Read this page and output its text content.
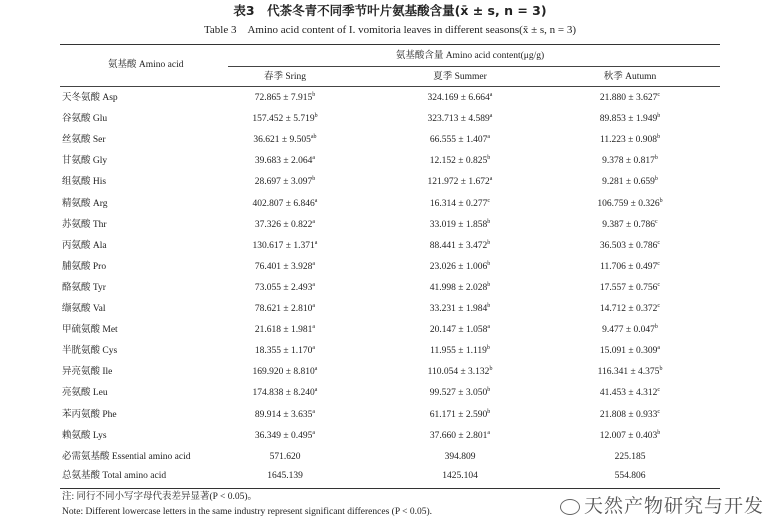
表3　代茶冬青不同季节叶片氨基酸含量(x̄ ± s, n = 3)
Table 3　Amino acid content of I. vomitoria leaves in different seasons(x̄ ± s, n = 3)
氨基酸 Amino acid
氨基酸含量 Amino acid content(μg/g)
春季 Sring	夏季 Summer	秋季 Autumn
天冬氨酸 Asp	72.865 ± 7.915$^b$	324.169 ± 6.664$^a$	21.880 ± 3.627$^c$
谷氨酸 Glu	157.452 ± 5.719$^b$	323.713 ± 4.589$^a$	89.853 ± 1.949$^b$
丝氨酸 Ser	36.621 ± 9.505$^{ab}$	66.555 ± 1.407$^a$	11.223 ± 0.908$^b$
甘氨酸 Gly	39.683 ± 2.064$^a$	12.152 ± 0.825$^b$	9.378 ± 0.817$^b$
组氨酸 His	28.697 ± 3.097$^b$	121.972 ± 1.672$^a$	9.281 ± 0.659$^b$
精氨酸 Arg	402.807 ± 6.846$^a$	16.314 ± 0.277$^c$	106.759 ± 0.326$^b$
苏氨酸 Thr	37.326 ± 0.822$^a$	33.019 ± 1.858$^b$	9.387 ± 0.786$^c$
丙氨酸 Ala	130.617 ± 1.371$^a$	88.441 ± 3.472$^b$	36.503 ± 0.786$^c$
脯氨酸 Pro	76.401 ± 3.928$^a$	23.026 ± 1.006$^b$	11.706 ± 0.497$^c$
酪氨酸 Tyr	73.055 ± 2.493$^a$	41.998 ± 2.028$^b$	17.557 ± 0.756$^c$
缬氨酸 Val	78.621 ± 2.810$^a$	33.231 ± 1.984$^b$	14.712 ± 0.372$^c$
甲硫氨酸 Met	21.618 ± 1.981$^a$	20.147 ± 1.058$^a$	9.477 ± 0.047$^b$
半胱氨酸 Cys	18.355 ± 1.170$^a$	11.955 ± 1.119$^b$	15.091 ± 0.309$^a$
异亮氨酸 Ile	169.920 ± 8.810$^a$	110.054 ± 3.132$^b$	116.341 ± 4.375$^b$
亮氨酸 Leu	174.838 ± 8.240$^a$	99.527 ± 3.050$^b$	41.453 ± 4.312$^c$
苯丙氨酸 Phe	89.914 ± 3.635$^a$	61.171 ± 2.590$^b$	21.808 ± 0.933$^c$
赖氨酸 Lys	36.349 ± 0.495$^a$	37.660 ± 2.801$^a$	12.007 ± 0.403$^b$
必需氨基酸 Essential amino acid	571.620	394.809	225.185
总氨基酸 Total amino acid	1645.139	1425.104	554.806
注: 同行不同小写字母代表差异显著(P < 0.05)。
Note: Different lowercase letters in the same industry represent significant differences (P < 0.05).	天然产物研究与开发
